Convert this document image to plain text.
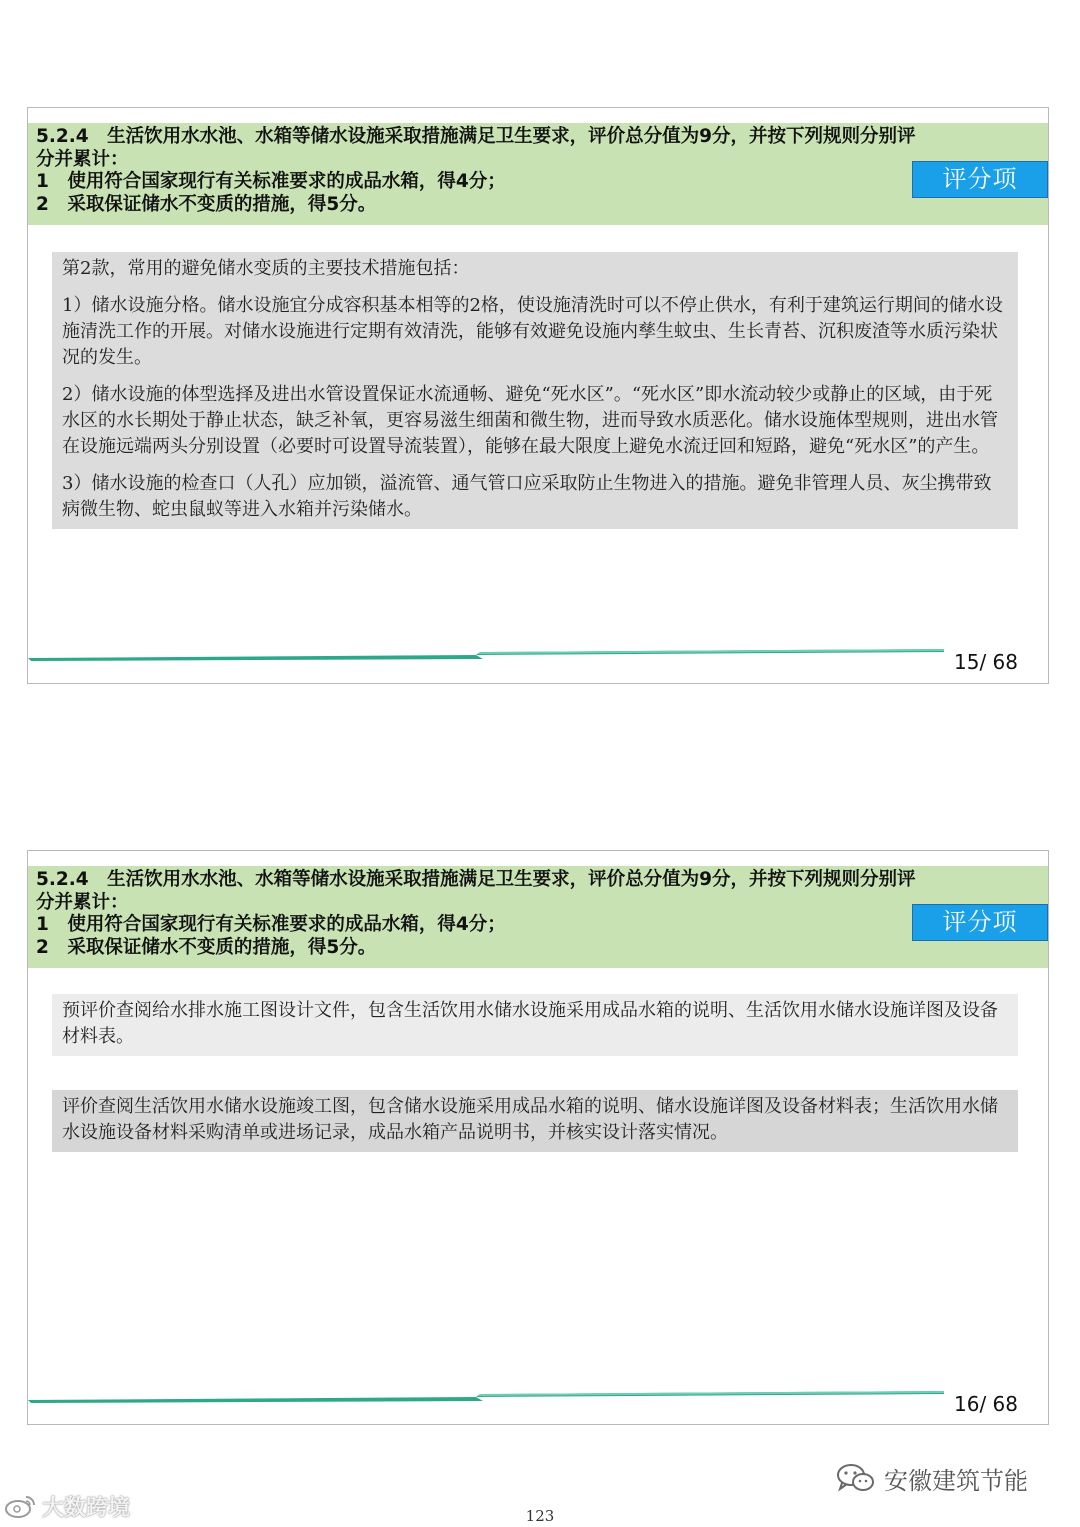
5.2.4　生活饮用水水池、水箱等储水设施采取措施满足卫生要求，评价总分值为9分，并按下列规则分别评
分并累计：
1　使用符合国家现行有关标准要求的成品水箱，得4分；
2　采取保证储水不变质的措施，得5分。
评分项

第2款，常用的避免储水变质的主要技术措施包括：

1）储水设施分格。储水设施宜分成容积基本相等的2格，使设施清洗时可以不停止供水，有利于建筑运行期间的储水设施清洗工作的开展。对储水设施进行定期有效清洗，能够有效避免设施内孳生蚊虫、生长青苔、沉积废渣等水质污染状况的发生。

2）储水设施的体型选择及进出水管设置保证水流通畅、避免“死水区”。“死水区”即水流动较少或静止的区域，由于死水区的水长期处于静止状态，缺乏补氧，更容易滋生细菌和微生物，进而导致水质恶化。储水设施体型规则，进出水管在设施远端两头分别设置（必要时可设置导流装置），能够在最大限度上避免水流迂回和短路，避免“死水区”的产生。

3）储水设施的检查口（人孔）应加锁，溢流管、通气管口应采取防止生物进入的措施。避免非管理人员、灰尘携带致病微生物、蛇虫鼠蚁等进入水箱并污染储水。

15/ 68
5.2.4　生活饮用水水池、水箱等储水设施采取措施满足卫生要求，评价总分值为9分，并按下列规则分别评
分并累计：
1　使用符合国家现行有关标准要求的成品水箱，得4分；
2　采取保证储水不变质的措施，得5分。
评分项

预评价查阅给水排水施工图设计文件，包含生活饮用水储水设施采用成品水箱的说明、生活饮用水储水设施详图及设备材料表。

评价查阅生活饮用水储水设施竣工图，包含储水设施采用成品水箱的说明、储水设施详图及设备材料表；生活饮用水储水设施设备材料采购清单或进场记录，成品水箱产品说明书，并核实设计落实情况。

16/ 68
大数跨境
安徽建筑节能
123
